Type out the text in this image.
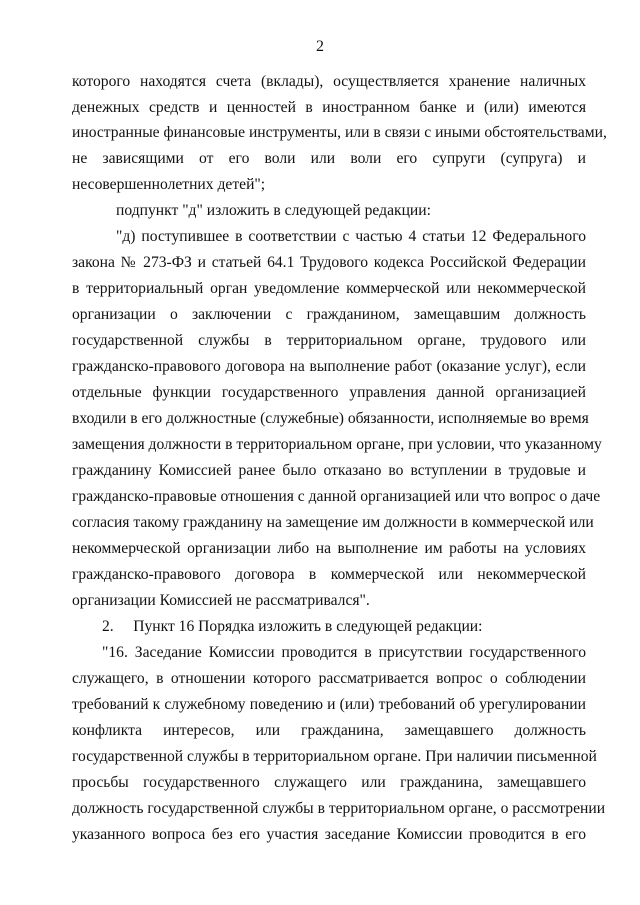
2
которого находятся счета (вклады), осуществляется хранение наличных
денежных средств и ценностей в иностранном банке и (или) имеются
иностранные финансовые инструменты, или в связи с иными обстоятельствами,
не зависящими от его воли или воли его супруги (супруга) и
несовершеннолетних детей";
подпункт "д" изложить в следующей редакции:
"д) поступившее в соответствии с частью 4 статьи 12 Федерального
закона № 273-ФЗ и статьей 64.1 Трудового кодекса Российской Федерации
в территориальный орган уведомление коммерческой или некоммерческой
организации о заключении с гражданином, замещавшим должность
государственной службы в территориальном органе, трудового или
гражданско-правового договора на выполнение работ (оказание услуг), если
отдельные функции государственного управления данной организацией
входили в его должностные (служебные) обязанности, исполняемые во время
замещения должности в территориальном органе, при условии, что указанному
гражданину Комиссией ранее было отказано во вступлении в трудовые и
гражданско-правовые отношения с данной организацией или что вопрос о даче
согласия такому гражданину на замещение им должности в коммерческой или
некоммерческой организации либо на выполнение им работы на условиях
гражданско-правового договора в коммерческой или некоммерческой
организации Комиссией не рассматривался".
2.     Пункт 16 Порядка изложить в следующей редакции:
"16. Заседание Комиссии проводится в присутствии государственного
служащего, в отношении которого рассматривается вопрос о соблюдении
требований к служебному поведению и (или) требований об урегулировании
конфликта интересов, или гражданина, замещавшего должность
государственной службы в территориальном органе. При наличии письменной
просьбы государственного служащего или гражданина, замещавшего
должность государственной службы в территориальном органе, о рассмотрении
указанного вопроса без его участия заседание Комиссии проводится в его
